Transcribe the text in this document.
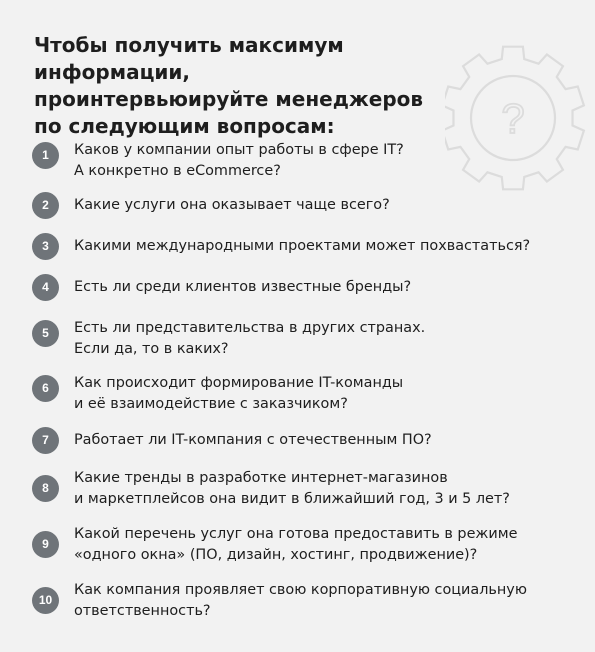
?
Чтобы получить максимум информации,
проинтервьюируйте менеджеров
по следующим вопросам:
1	Каков у компании опыт работы в сфере IT?
А конкретно в eCommerce?
2	Какие услуги она оказывает чаще всего?
3	Какими международными проектами может похвастаться?
4	Есть ли среди клиентов известные бренды?
5	Есть ли представительства в других странах.
Если да, то в каких?
6	Как происходит формирование IT-команды
и её взаимодействие с заказчиком?
7	Работает ли IT-компания с отечественным ПО?
8
Какие тренды в разработке интернет-магазинов
и маркетплейсов она видит в ближайший год, 3 и 5 лет?
9
Какой перечень услуг она готова предоставить в режиме
«одного окна» (ПО, дизайн, хостинг, продвижение)?
10
Как компания проявляет свою корпоративную социальную
ответственность?
